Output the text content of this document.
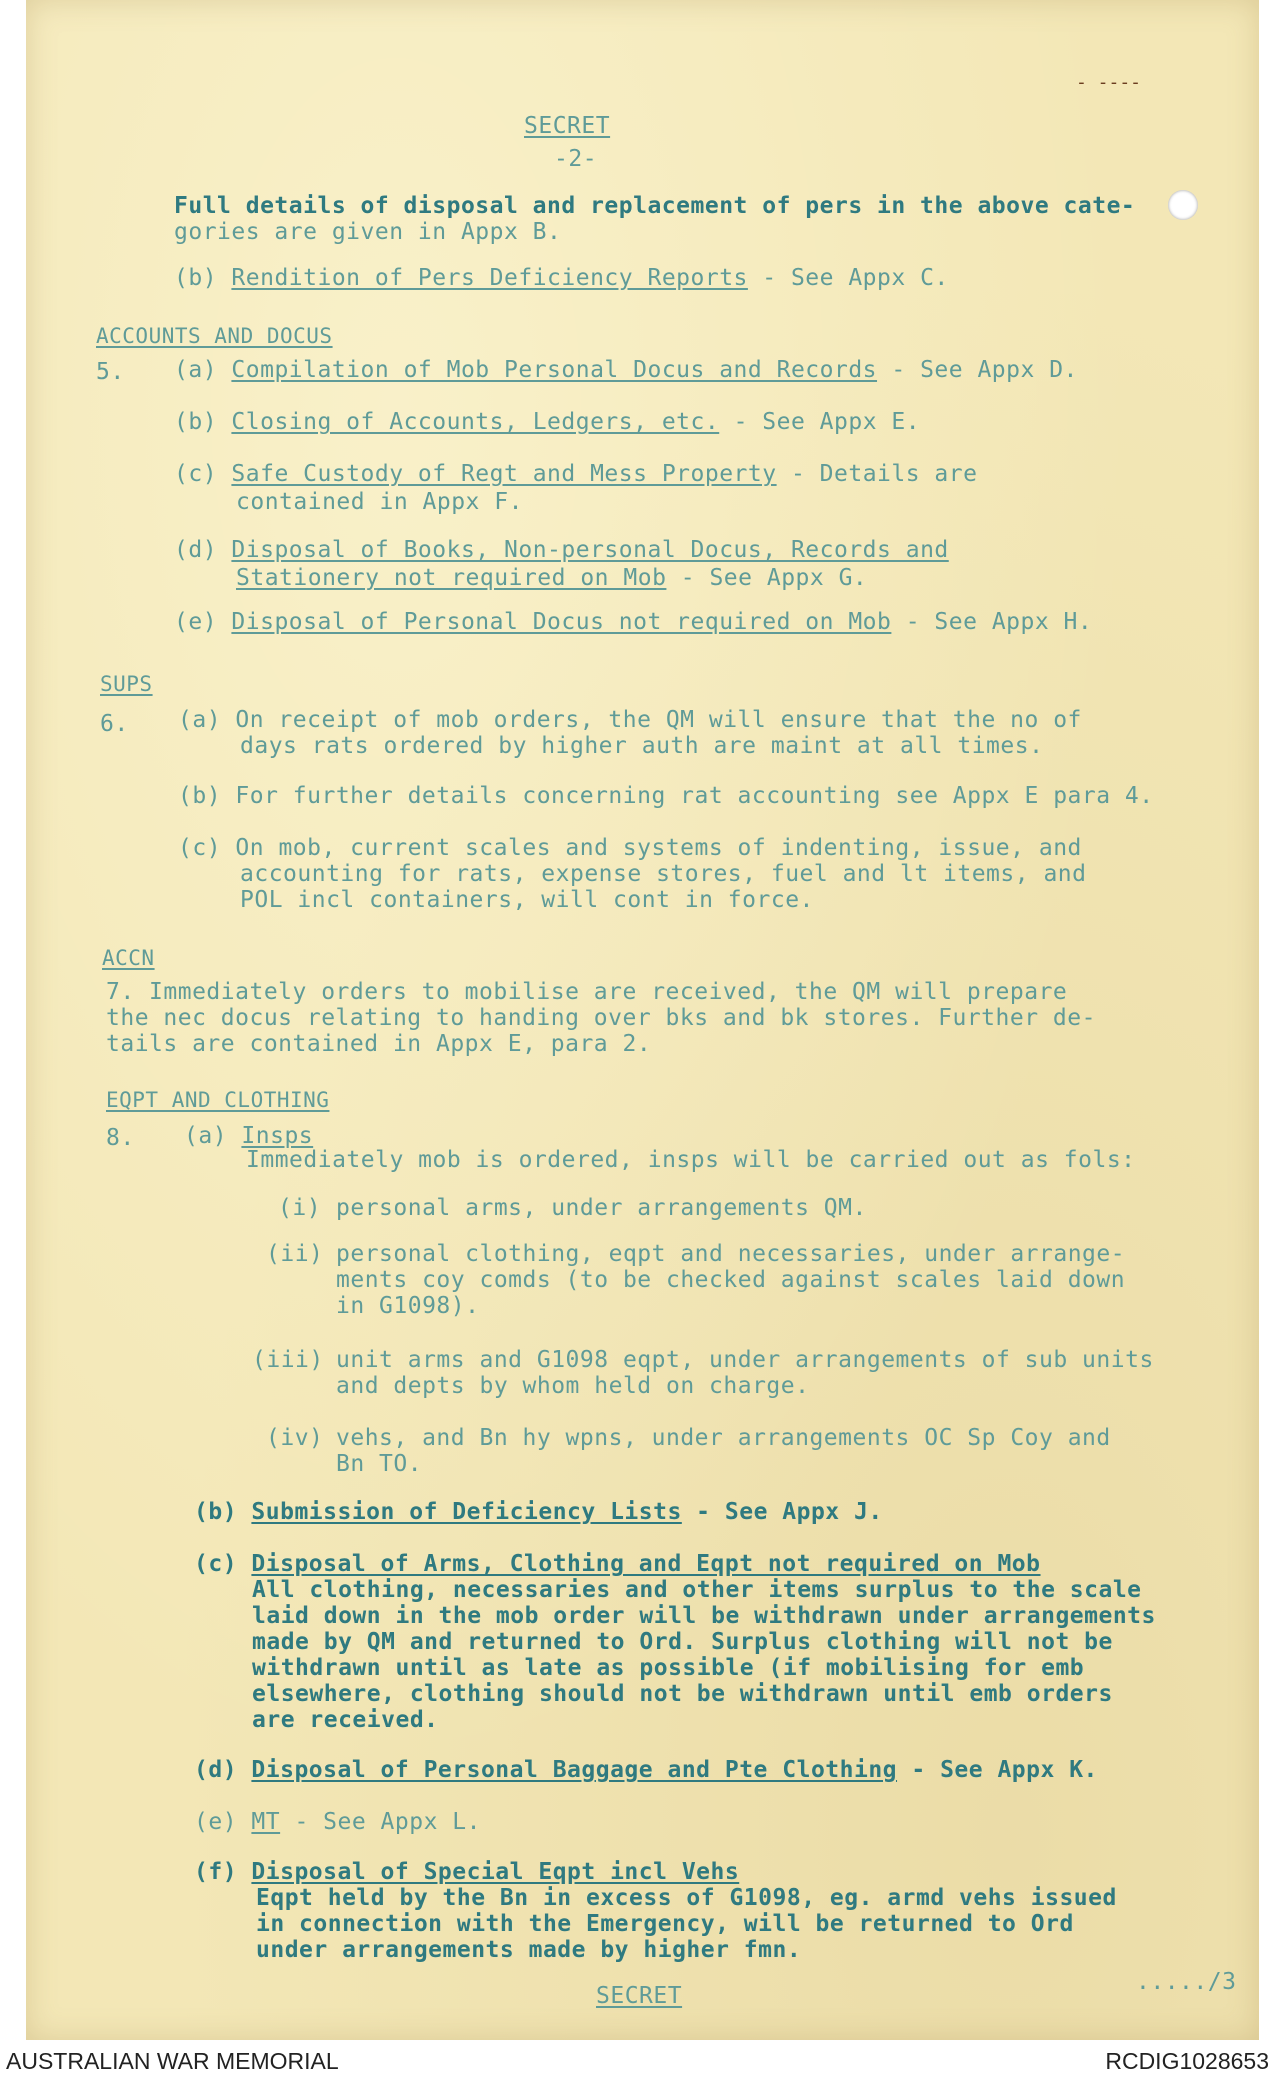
- ----
SECRET
-2-
Full details of disposal and replacement of pers in the above cate-
gories are given in Appx B.
(b) Rendition of Pers Deficiency Reports - See Appx C.
ACCOUNTS AND DOCUS
5. (a) Compilation of Mob Personal Docus and Records - See Appx D.
(b) Closing of Accounts, Ledgers, etc. - See Appx E.
(c) Safe Custody of Regt and Mess Property - Details are
contained in Appx F.
(d) Disposal of Books, Non-personal Docus, Records and
Stationery not required on Mob - See Appx G.
(e) Disposal of Personal Docus not required on Mob - See Appx H.
SUPS
6. (a) On receipt of mob orders, the QM will ensure that the no of
days rats ordered by higher auth are maint at all times.
(b) For further details concerning rat accounting see Appx E para 4.
(c) On mob, current scales and systems of indenting, issue, and
accounting for rats, expense stores, fuel and lt items, and
POL incl containers, will cont in force.
ACCN
7. Immediately orders to mobilise are received, the QM will prepare
the nec docus relating to handing over bks and bk stores. Further de-
tails are contained in Appx E, para 2.
EQPT AND CLOTHING
8. (a) Insps
Immediately mob is ordered, insps will be carried out as fols:
(i) personal arms, under arrangements QM.
(ii) personal clothing, eqpt and necessaries, under arrange-
ments coy comds (to be checked against scales laid down
in G1098).
(iii) unit arms and G1098 eqpt, under arrangements of sub units
and depts by whom held on charge.
(iv) vehs, and Bn hy wpns, under arrangements OC Sp Coy and
Bn TO.
(b) Submission of Deficiency Lists - See Appx J.
(c) Disposal of Arms, Clothing and Eqpt not required on Mob
All clothing, necessaries and other items surplus to the scale
laid down in the mob order will be withdrawn under arrangements
made by QM and returned to Ord. Surplus clothing will not be
withdrawn until as late as possible (if mobilising for emb
elsewhere, clothing should not be withdrawn until emb orders
are received.
(d) Disposal of Personal Baggage and Pte Clothing - See Appx K.
(e) MT - See Appx L.
(f) Disposal of Special Eqpt incl Vehs
Eqpt held by the Bn in excess of G1098, eg. armd vehs issued
in connection with the Emergency, will be returned to Ord
under arrangements made by higher fmn.
...../3
SECRET
AUSTRALIAN WAR MEMORIAL	RCDIG1028653
